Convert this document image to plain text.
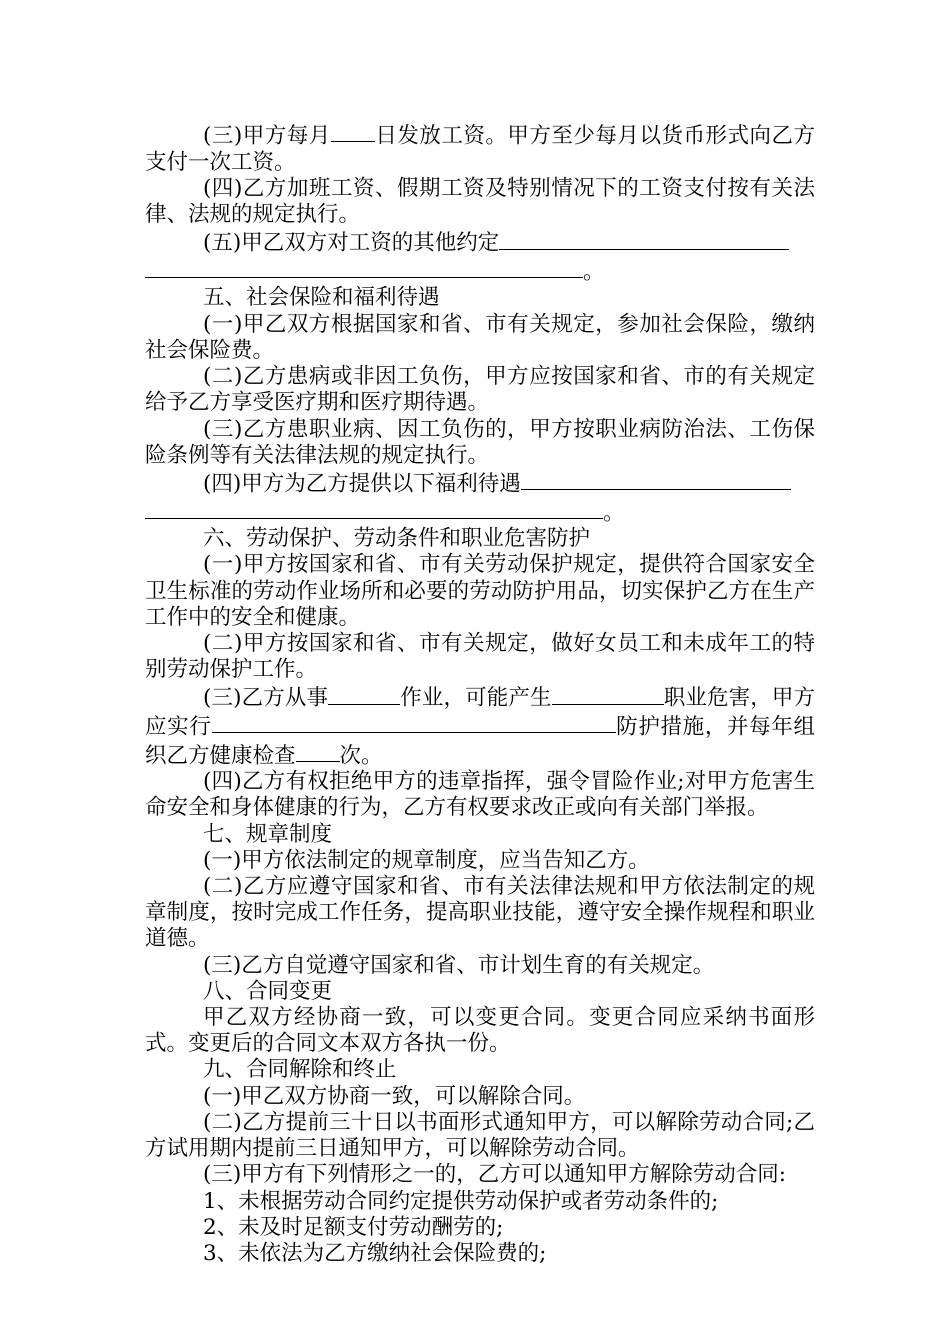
(三)甲方每月 日发放工资。甲方至少每月以货币形式向乙方支付一次工资。

(四)乙方加班工资、假期工资及特别情况下的工资支付按有关法律、法规的规定执行。

(五)甲乙双方对工资的其他约定
。

五、社会保险和福利待遇

(一)甲乙双方根据国家和省、市有关规定，参加社会保险，缴纳社会保险费。

(二)乙方患病或非因工负伤，甲方应按国家和省、市的有关规定给予乙方享受医疗期和医疗期待遇。

(三)乙方患职业病、因工负伤的，甲方按职业病防治法、工伤保险条例等有关法律法规的规定执行。

(四)甲方为乙方提供以下福利待遇
。

六、劳动保护、劳动条件和职业危害防护

(一)甲方按国家和省、市有关劳动保护规定，提供符合国家安全卫生标准的劳动作业场所和必要的劳动防护用品，切实保护乙方在生产工作中的安全和健康。

(二)甲方按国家和省、市有关规定，做好女员工和未成年工的特别劳动保护工作。

(三)乙方从事	作业，可能产生	职业危害，甲方应实行	防护措施，并每年组织乙方健康检查 次。

(四)乙方有权拒绝甲方的违章指挥，强令冒险作业;对甲方危害生命安全和身体健康的行为，乙方有权要求改正或向有关部门举报。

七、规章制度

(一)甲方依法制定的规章制度，应当告知乙方。

(二)乙方应遵守国家和省、市有关法律法规和甲方依法制定的规章制度，按时完成工作任务，提高职业技能，遵守安全操作规程和职业道德。

(三)乙方自觉遵守国家和省、市计划生育的有关规定。

八、合同变更

甲乙双方经协商一致，可以变更合同。变更合同应采纳书面形式。变更后的合同文本双方各执一份。

九、合同解除和终止

(一)甲乙双方协商一致，可以解除合同。

(二)乙方提前三十日以书面形式通知甲方，可以解除劳动合同;乙方试用期内提前三日通知甲方，可以解除劳动合同。

(三)甲方有下列情形之一的，乙方可以通知甲方解除劳动合同:

1、未根据劳动合同约定提供劳动保护或者劳动条件的;

2、未及时足额支付劳动酬劳的;

3、未依法为乙方缴纳社会保险费的;
